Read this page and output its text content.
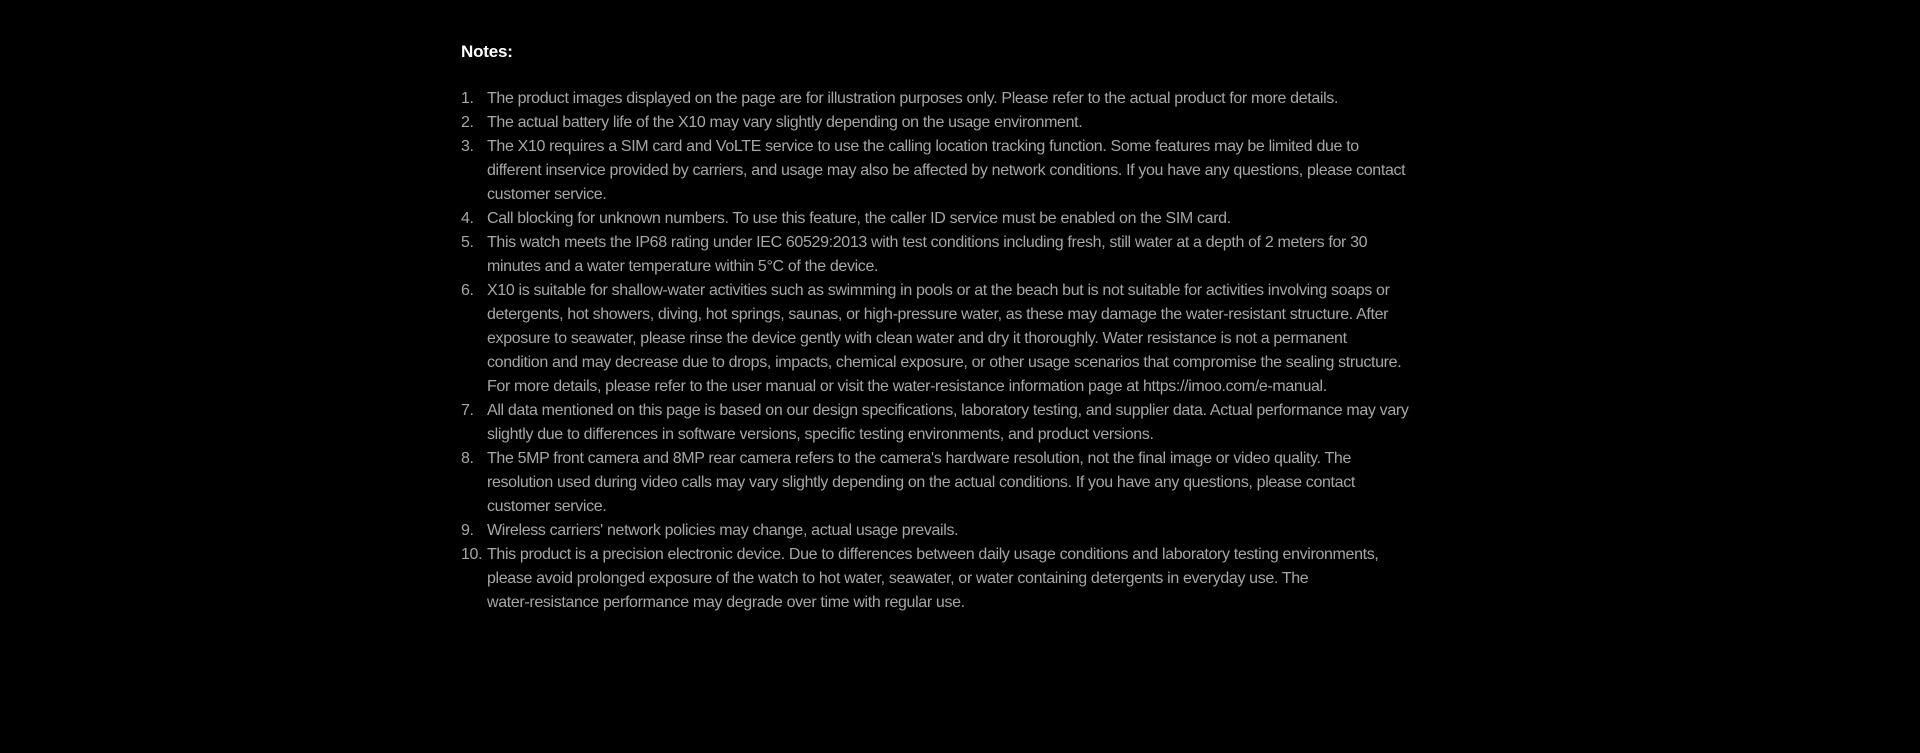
Notes:
1. The product images displayed on the page are for illustration purposes only. Please refer to the actual product for more details.
2. The actual battery life of the X10 may vary slightly depending on the usage environment.
3. The X10 requires a SIM card and VoLTE service to use the calling location tracking function. Some features may be limited due to
different inservice provided by carriers, and usage may also be affected by network conditions. If you have any questions, please contact
customer service.
4. Call blocking for unknown numbers. To use this feature, the caller ID service must be enabled on the SIM card.
5. This watch meets the IP68 rating under IEC 60529:2013 with test conditions including fresh, still water at a depth of 2 meters for 30
minutes and a water temperature within 5°C of the device.
6. X10 is suitable for shallow-water activities such as swimming in pools or at the beach but is not suitable for activities involving soaps or
detergents, hot showers, diving, hot springs, saunas, or high-pressure water, as these may damage the water-resistant structure. After
exposure to seawater, please rinse the device gently with clean water and dry it thoroughly. Water resistance is not a permanent
condition and may decrease due to drops, impacts, chemical exposure, or other usage scenarios that compromise the sealing structure.
For more details, please refer to the user manual or visit the water-resistance information page at https://imoo.com/e-manual.
7. All data mentioned on this page is based on our design specifications, laboratory testing, and supplier data. Actual performance may vary
slightly due to differences in software versions, specific testing environments, and product versions.
8. The 5MP front camera and 8MP rear camera refers to the camera's hardware resolution, not the final image or video quality. The
resolution used during video calls may vary slightly depending on the actual conditions. If you have any questions, please contact
customer service.
9. Wireless carriers' network policies may change, actual usage prevails.
10. This product is a precision electronic device. Due to differences between daily usage conditions and laboratory testing environments,
please avoid prolonged exposure of the watch to hot water, seawater, or water containing detergents in everyday use. The
water-resistance performance may degrade over time with regular use.
